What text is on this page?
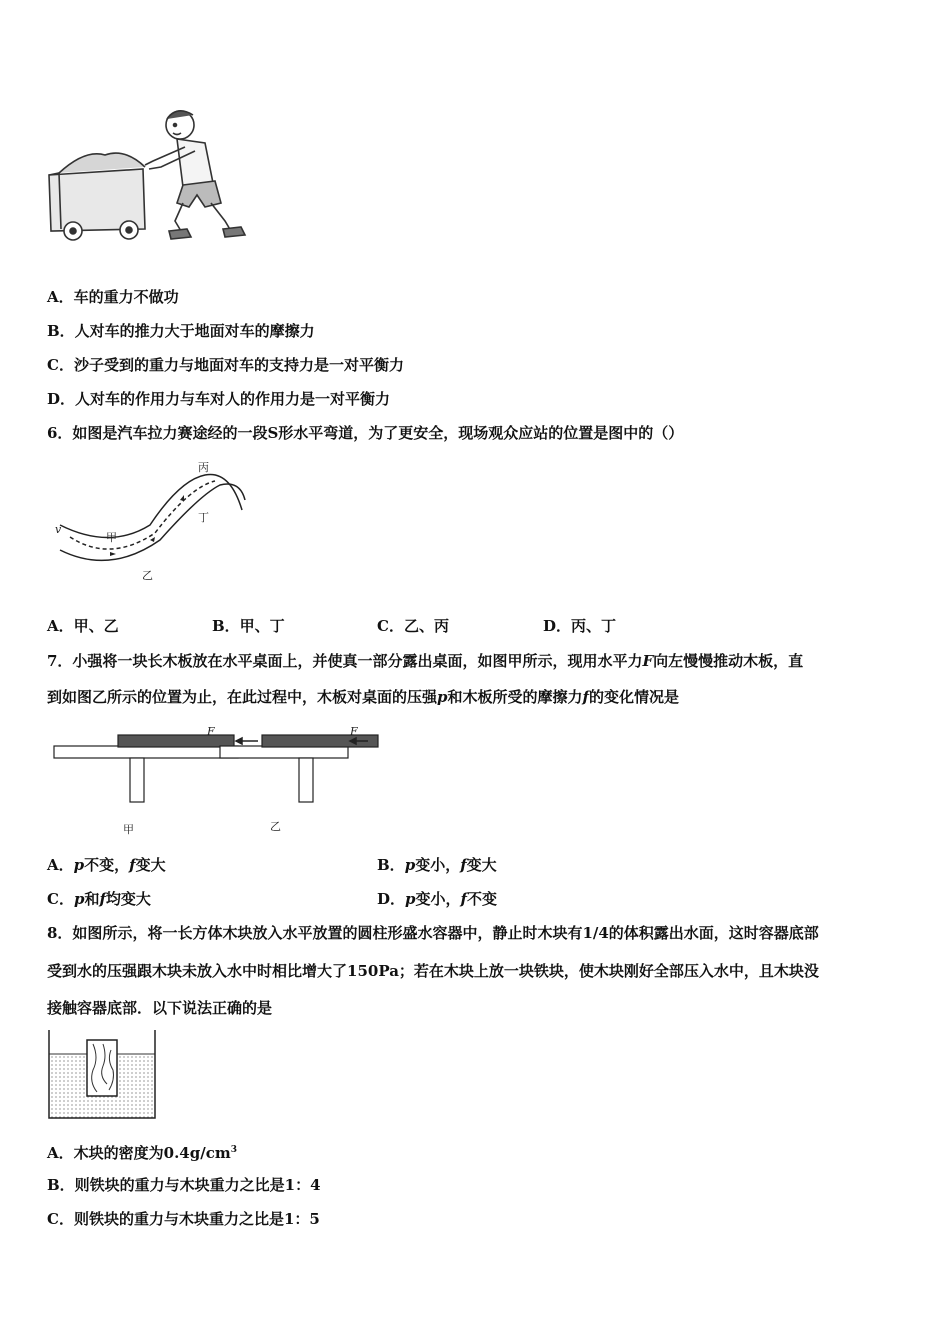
A．车的重力不做功
B．人对车的推力大于地面对车的摩擦力
C．沙子受到的重力与地面对车的支持力是一对平衡力
D．人对车的作用力与车对人的作用力是一对平衡力
6．如图是汽车拉力赛途经的一段S形水平弯道，为了更安全，现场观众应站的位置是图中的（）
v
甲
乙
丙
丁
A．甲、乙	B．甲、丁	C．乙、丙	D．丙、丁
7．小强将一块长木板放在水平桌面上，并使真一部分露出桌面，如图甲所示，现用水平力F向左慢慢推动木板，直
到如图乙所示的位置为止，在此过程中，木板对桌面的压强p和木板所受的摩擦力f的变化情况是
F	F
甲	乙
A．p不变，f变大	B．p变小，f变大
C．p和f均变大	D．p变小，f不变
8．如图所示，将一长方体木块放入水平放置的圆柱形盛水容器中，静止时木块有1/4的体积露出水面，这时容器底部
受到水的压强跟木块未放入水中时相比增大了150Pa；若在木块上放一块铁块，使木块刚好全部压入水中，且木块没
接触容器底部．以下说法正确的是
A．木块的密度为$0.4g/cm^3$
B．则铁块的重力与木块重力之比是1：4
C．则铁块的重力与木块重力之比是1：5
